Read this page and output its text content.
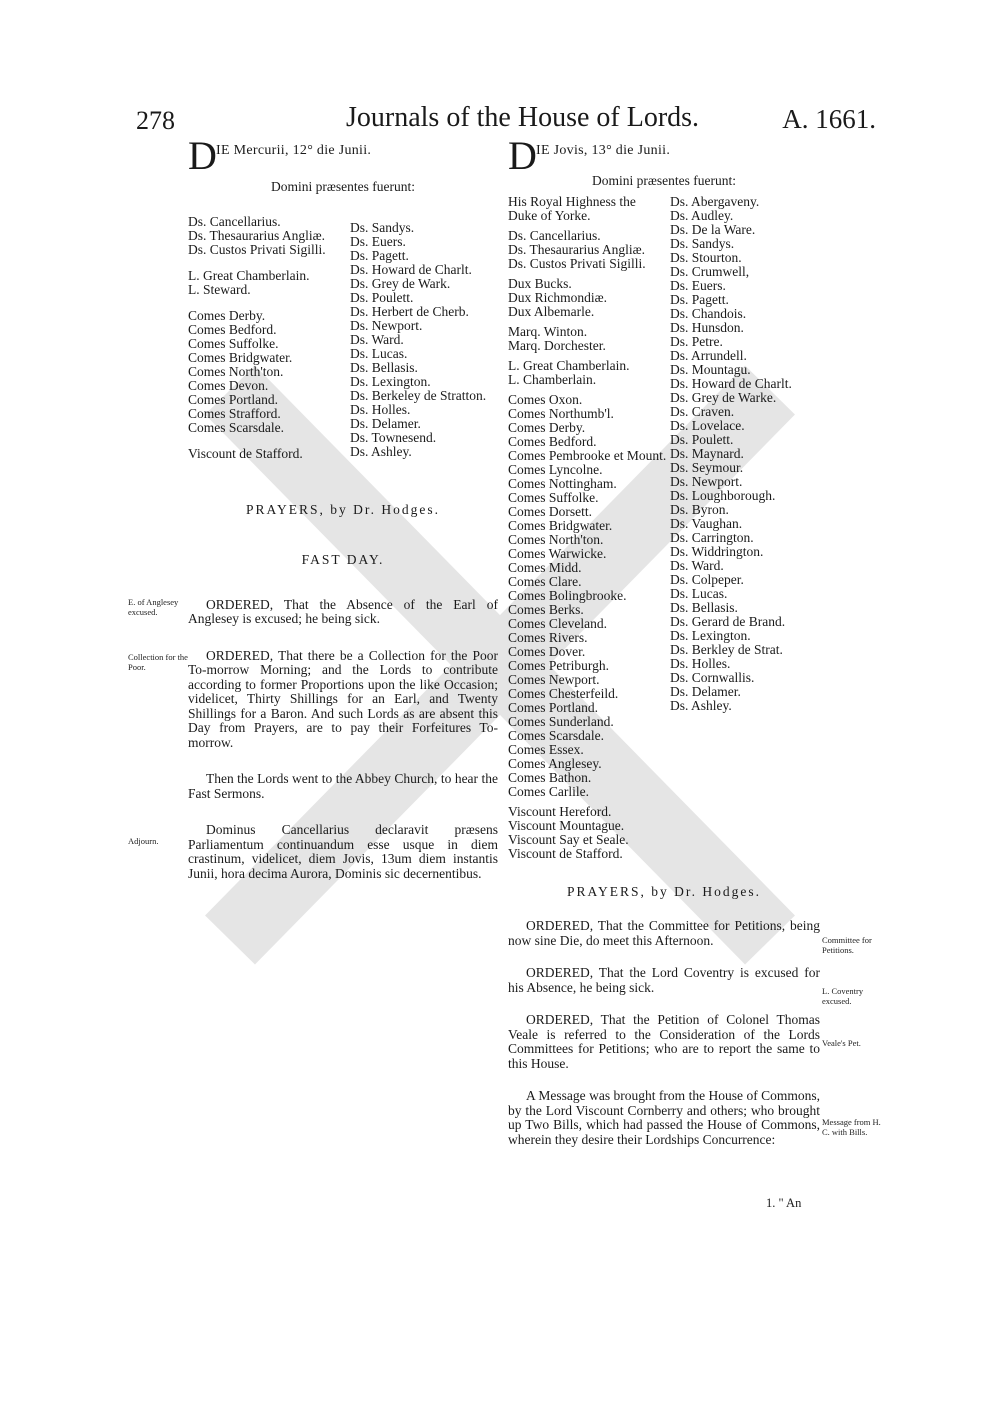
278	Journals of the House of Lords.	A. 1661.
D IE Mercurii, 12° die Junii.
Domini præsentes fuerunt:
Ds. Cancellarius.
Ds. Thesaurarius Angliæ.
Ds. Custos Privati Sigilli.
L. Great Chamberlain.
L. Steward.
Comes Derby.
Comes Bedford.
Comes Suffolke.
Comes Bridgwater.
Comes North'ton.
Comes Devon.
Comes Portland.
Comes Strafford.
Comes Scarsdale.
Viscount de Stafford.
Ds. Sandys.
Ds. Euers.
Ds. Pagett.
Ds. Howard de Charlt.
Ds. Grey de Wark.
Ds. Poulett.
Ds. Herbert de Cherb.
Ds. Newport.
Ds. Ward.
Ds. Lucas.
Ds. Bellasis.
Ds. Lexington.
Ds. Berkeley de Stratton.
Ds. Holles.
Ds. Delamer.
Ds. Townesend.
Ds. Ashley.
PRAYERS, by Dr. Hodges.
FAST DAY.

ORDERED, That the Absence of the Earl of Anglesey is excused; he being sick.

ORDERED, That there be a Collection for the Poor To-morrow Morning; and the Lords to contribute according to former Proportions upon the like Occasion; videlicet, Thirty Shillings for an Earl, and Twenty Shillings for a Baron. And such Lords as are absent this Day from Prayers, are to pay their Forfeitures To-morrow.

Then the Lords went to the Abbey Church, to hear the Fast Sermons.

Dominus Cancellarius declaravit præsens Parliamentum continuandum esse usque in diem crastinum, videlicet, diem Jovis, 13um diem instantis Junii, hora decima Aurora, Dominis sic decernentibus.

E. of Anglesey excused.
Collection for the Poor.
Adjourn.
D IE Jovis, 13° die Junii.
Domini præsentes fuerunt:
His Royal Highness the
Duke of Yorke.
Ds. Cancellarius.
Ds. Thesaurarius Angliæ.
Ds. Custos Privati Sigilli.
Dux Bucks.
Dux Richmondiæ.
Dux Albemarle.
Marq. Winton.
Marq. Dorchester.
L. Great Chamberlain.
L. Chamberlain.
Comes Oxon.
Comes Northumb'l.
Comes Derby.
Comes Bedford.
Comes Pembrooke et Mount.
Comes Lyncolne.
Comes Nottingham.
Comes Suffolke.
Comes Dorsett.
Comes Bridgwater.
Comes North'ton.
Comes Warwicke.
Comes Midd.
Comes Clare.
Comes Bolingbrooke.
Comes Berks.
Comes Cleveland.
Comes Rivers.
Comes Dover.
Comes Petriburgh.
Comes Newport.
Comes Chesterfeild.
Comes Portland.
Comes Sunderland.
Comes Scarsdale.
Comes Essex.
Comes Anglesey.
Comes Bathon.
Comes Carlile.
Viscount Hereford.
Viscount Mountague.
Viscount Say et Seale.
Viscount de Stafford.
Ds. Abergaveny.
Ds. Audley.
Ds. De la Ware.
Ds. Sandys.
Ds. Stourton.
Ds. Crumwell,
Ds. Euers.
Ds. Pagett.
Ds. Chandois.
Ds. Hunsdon.
Ds. Petre.
Ds. Arrundell.
Ds. Mountagu.
Ds. Howard de Charlt.
Ds. Grey de Warke.
Ds. Craven.
Ds. Lovelace.
Ds. Poulett.
Ds. Maynard.
Ds. Seymour.
Ds. Newport.
Ds. Loughborough.
Ds. Byron.
Ds. Vaughan.
Ds. Carrington.
Ds. Widdrington.
Ds. Ward.
Ds. Colpeper.
Ds. Lucas.
Ds. Bellasis.
Ds. Gerard de Brand.
Ds. Lexington.
Ds. Berkley de Strat.
Ds. Holles.
Ds. Cornwallis.
Ds. Delamer.
Ds. Ashley.
PRAYERS, by Dr. Hodges.

ORDERED, That the Committee for Petitions, being now sine Die, do meet this Afternoon.

ORDERED, That the Lord Coventry is excused for his Absence, he being sick.

ORDERED, That the Petition of Colonel Thomas Veale is referred to the Consideration of the Lords Committees for Petitions; who are to report the same to this House.

A Message was brought from the House of Commons, by the Lord Viscount Cornberry and others; who brought up Two Bills, which had passed the House of Commons, wherein they desire their Lordships Concurrence:

Committee for Petitions.
L. Coventry excused.
Veale's Pet.
Message from H. C. with Bills.
1. " An
